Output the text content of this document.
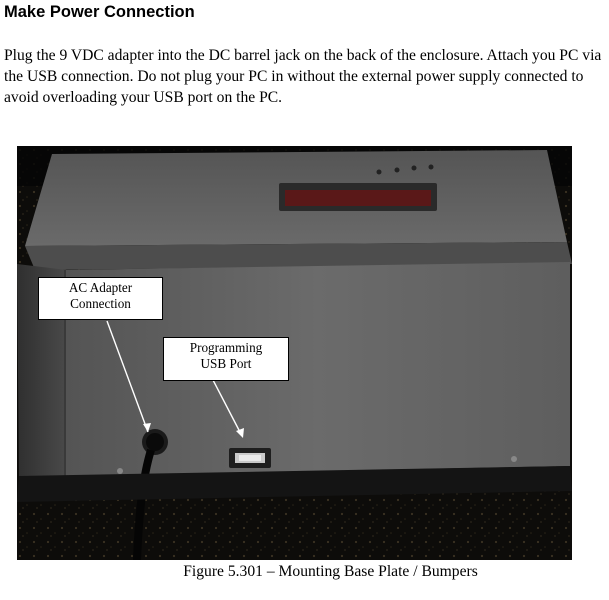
Make Power Connection

Plug the 9 VDC adapter into the DC barrel jack on the back of the enclosure. Attach you PC via the USB connection. Do not plug your PC in without the external power supply connected to avoid overloading your USB port on the PC.

AC Adapter
Connection
Programming
USB Port

Figure 5.301 – Mounting Base Plate / Bumpers
